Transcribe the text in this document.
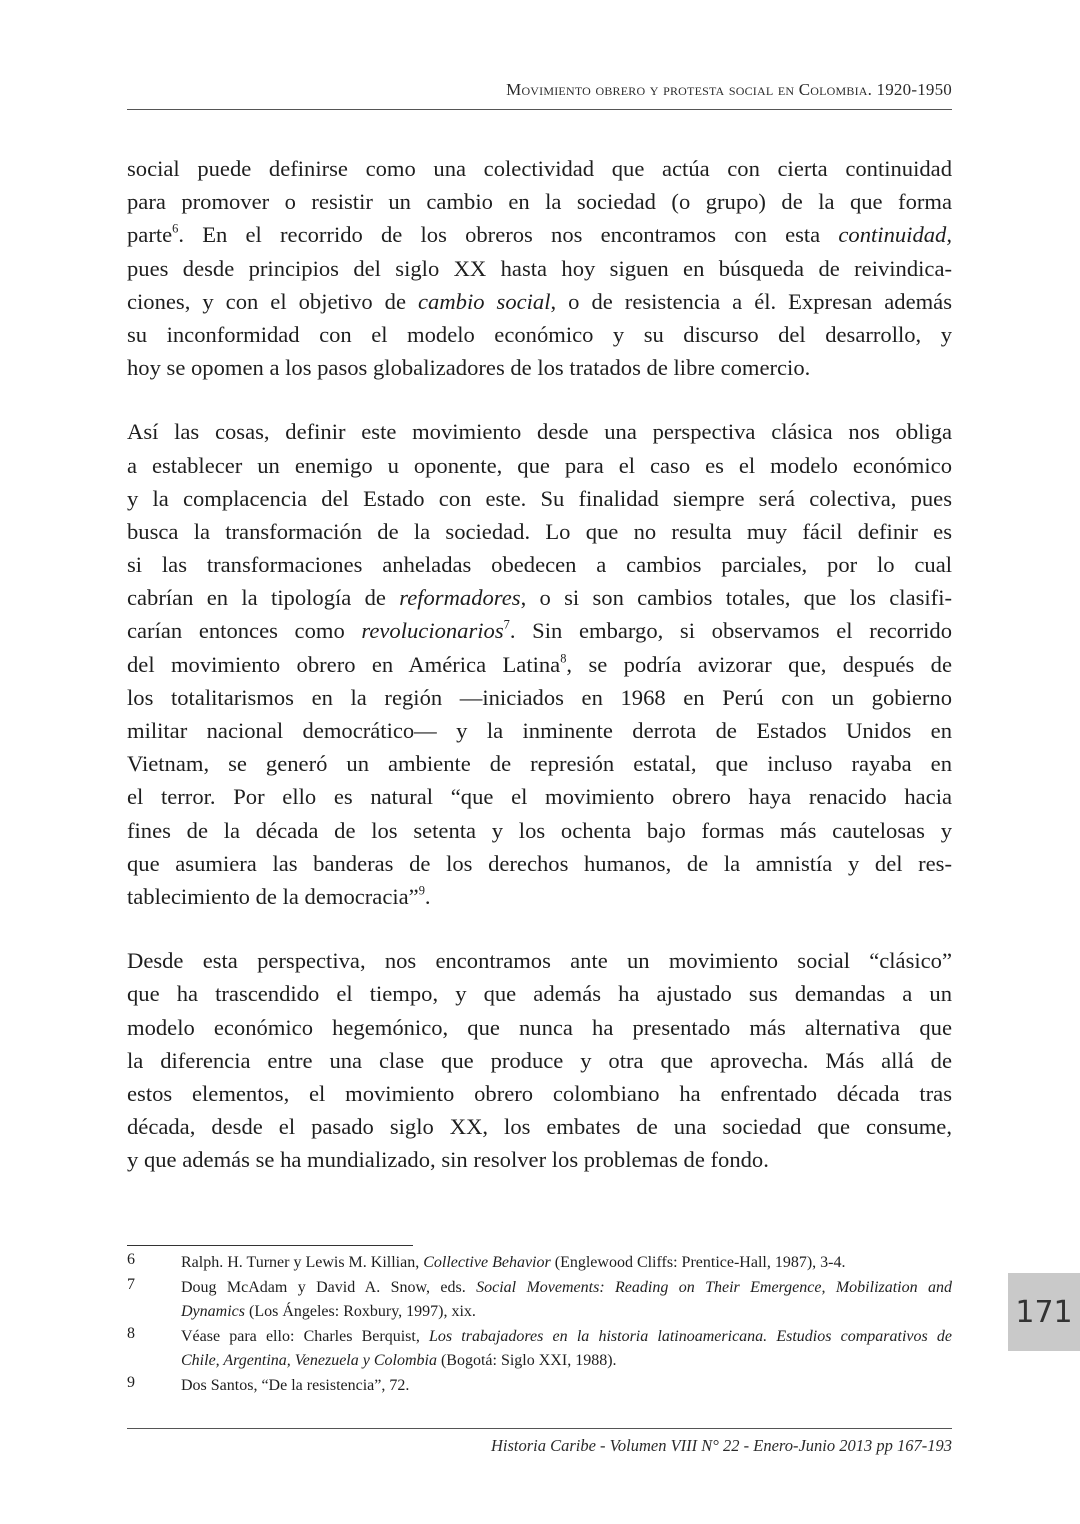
Movimiento obrero y protesta social en Colombia. 1920-1950
social puede definirse como una colectividad que actúa con cierta continuidad
para promover o resistir un cambio en la sociedad (o grupo) de la que forma
parte$^6$. En el recorrido de los obreros nos encontramos con esta continuidad,
pues desde principios del siglo XX hasta hoy siguen en búsqueda de reivindica-
ciones, y con el objetivo de cambio social, o de resistencia a él. Expresan además
su inconformidad con el modelo económico y su discurso del desarrollo, y
hoy se opomen a los pasos globalizadores de los tratados de libre comercio.
Así las cosas, definir este movimiento desde una perspectiva clásica nos obliga
a establecer un enemigo u oponente, que para el caso es el modelo económico
y la complacencia del Estado con este. Su finalidad siempre será colectiva, pues
busca la transformación de la sociedad. Lo que no resulta muy fácil definir es
si las transformaciones anheladas obedecen a cambios parciales, por lo cual
cabrían en la tipología de reformadores, o si son cambios totales, que los clasifi-
carían entonces como revolucionarios$^7$. Sin embargo, si observamos el recorrido
del movimiento obrero en América Latina$^8$, se podría avizorar que, después de
los totalitarismos en la región —iniciados en 1968 en Perú con un gobierno
militar nacional democrático— y la inminente derrota de Estados Unidos en
Vietnam, se generó un ambiente de represión estatal, que incluso rayaba en
el terror. Por ello es natural “que el movimiento obrero haya renacido hacia
fines de la década de los setenta y los ochenta bajo formas más cautelosas y
que asumiera las banderas de los derechos humanos, de la amnistía y del res-
tablecimiento de la democracia”$^9$.
Desde esta perspectiva, nos encontramos ante un movimiento social “clásico”
que ha trascendido el tiempo, y que además ha ajustado sus demandas a un
modelo económico hegemónico, que nunca ha presentado más alternativa que
la diferencia entre una clase que produce y otra que aprovecha. Más allá de
estos elementos, el movimiento obrero colombiano ha enfrentado década tras
década, desde el pasado siglo XX, los embates de una sociedad que consume,
y que además se ha mundializado, sin resolver los problemas de fondo.
6	Ralph. H. Turner y Lewis M. Killian, Collective Behavior (Englewood Cliffs: Prentice-Hall, 1987), 3-4.
7	Doug McAdam y David A. Snow, eds. Social Movements: Reading on Their Emergence, Mobilization and
Dynamics (Los Ángeles: Roxbury, 1997), xix.
8	Véase para ello: Charles Berquist, Los trabajadores en la historia latinoamericana. Estudios comparativos de
Chile, Argentina, Venezuela y Colombia (Bogotá: Siglo XXI, 1988).
9	Dos Santos, “De la resistencia”, 72.
Historia Caribe - Volumen VIII N° 22 - Enero-Junio 2013 pp 167-193
171
